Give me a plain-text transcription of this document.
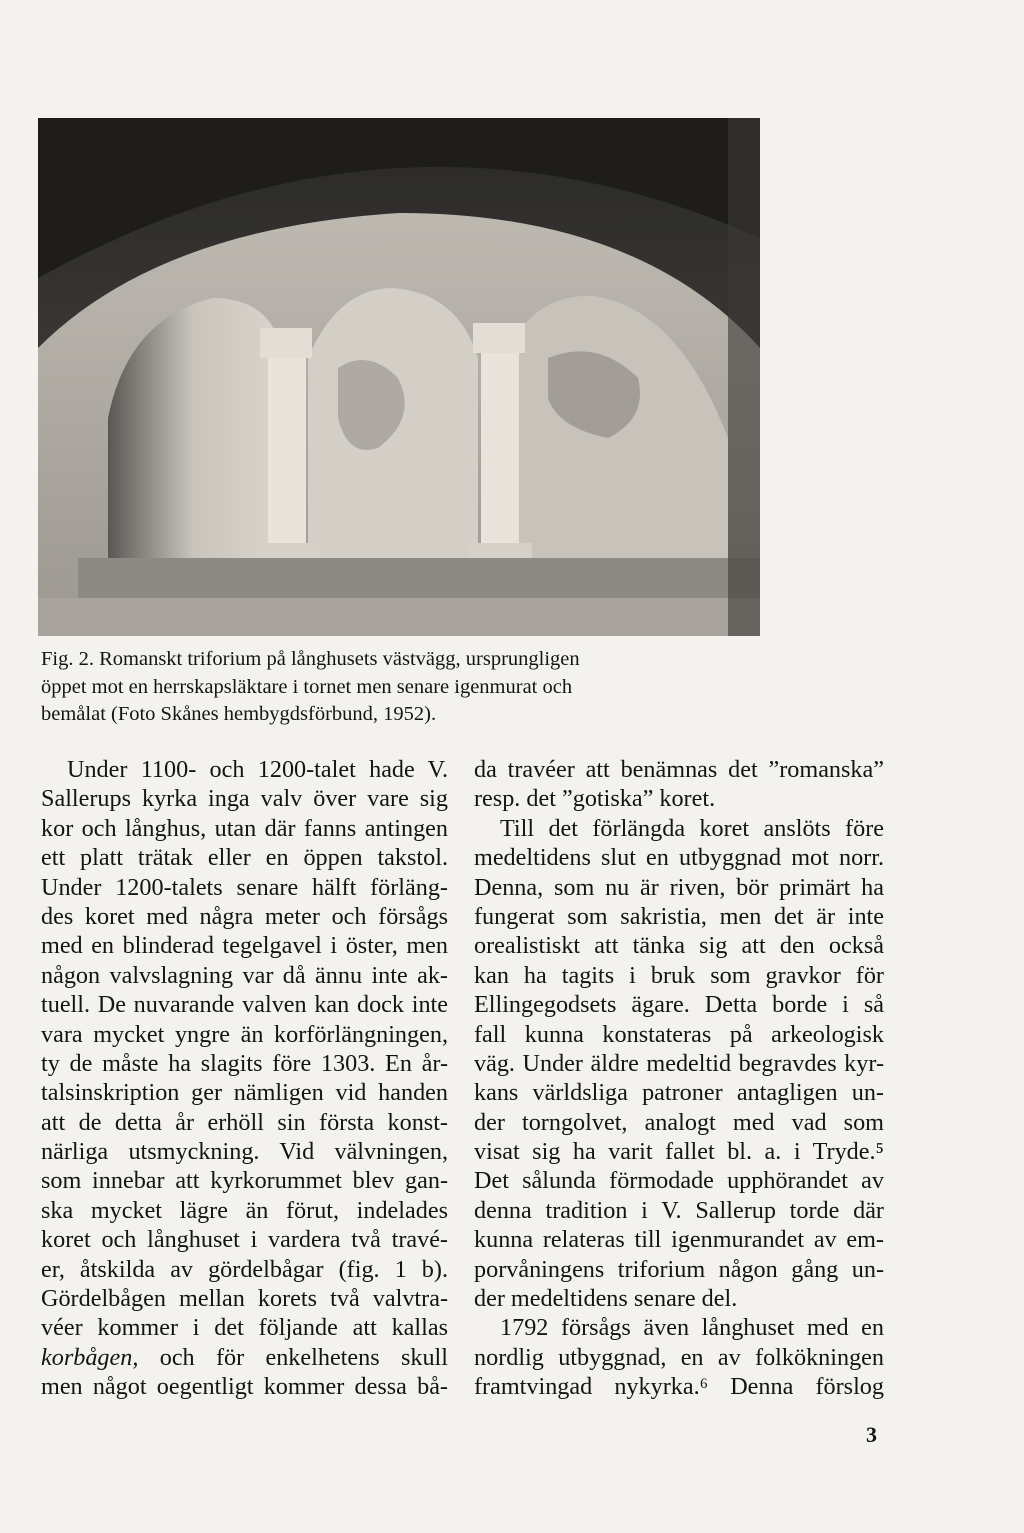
Fig. 2. Romanskt triforium på långhusets västvägg, ursprungligen
öppet mot en herrskapsläktare i tornet men senare igenmurat och
bemålat (Foto Skånes hembygdsförbund, 1952).
Under 1100- och 1200-talet hade V.
Sallerups kyrka inga valv över vare sig
kor och långhus, utan där fanns antingen
ett platt trätak eller en öppen takstol.
Under 1200-talets senare hälft förläng-
des koret med några meter och försågs
med en blinderad tegelgavel i öster, men
någon valvslagning var då ännu inte ak-
tuell. De nuvarande valven kan dock inte
vara mycket yngre än korförlängningen,
ty de måste ha slagits före 1303. En år-
talsinskription ger nämligen vid handen
att de detta år erhöll sin första konst-
närliga utsmyckning. Vid välvningen,
som innebar att kyrkorummet blev gan-
ska mycket lägre än förut, indelades
koret och långhuset i vardera två travé-
er, åtskilda av gördelbågar (fig. 1 b).
Gördelbågen mellan korets två valvtra-
véer kommer i det följande att kallas
korbågen, och för enkelhetens skull
men något oegentligt kommer dessa bå-
da travéer att benämnas det ”romanska”
resp. det ”gotiska” koret.
Till det förlängda koret anslöts före
medeltidens slut en utbyggnad mot norr.
Denna, som nu är riven, bör primärt ha
fungerat som sakristia, men det är inte
orealistiskt att tänka sig att den också
kan ha tagits i bruk som gravkor för
Ellingegodsets ägare. Detta borde i så
fall kunna konstateras på arkeologisk
väg. Under äldre medeltid begravdes kyr-
kans världsliga patroner antagligen un-
der torngolvet, analogt med vad som
visat sig ha varit fallet bl. a. i Tryde.⁵
Det sålunda förmodade upphörandet av
denna tradition i V. Sallerup torde där
kunna relateras till igenmurandet av em-
porvåningens triforium någon gång un-
der medeltidens senare del.
1792 försågs även långhuset med en
nordlig utbyggnad, en av folkökningen
framtvingad nykyrka.⁶ Denna förslog
3
